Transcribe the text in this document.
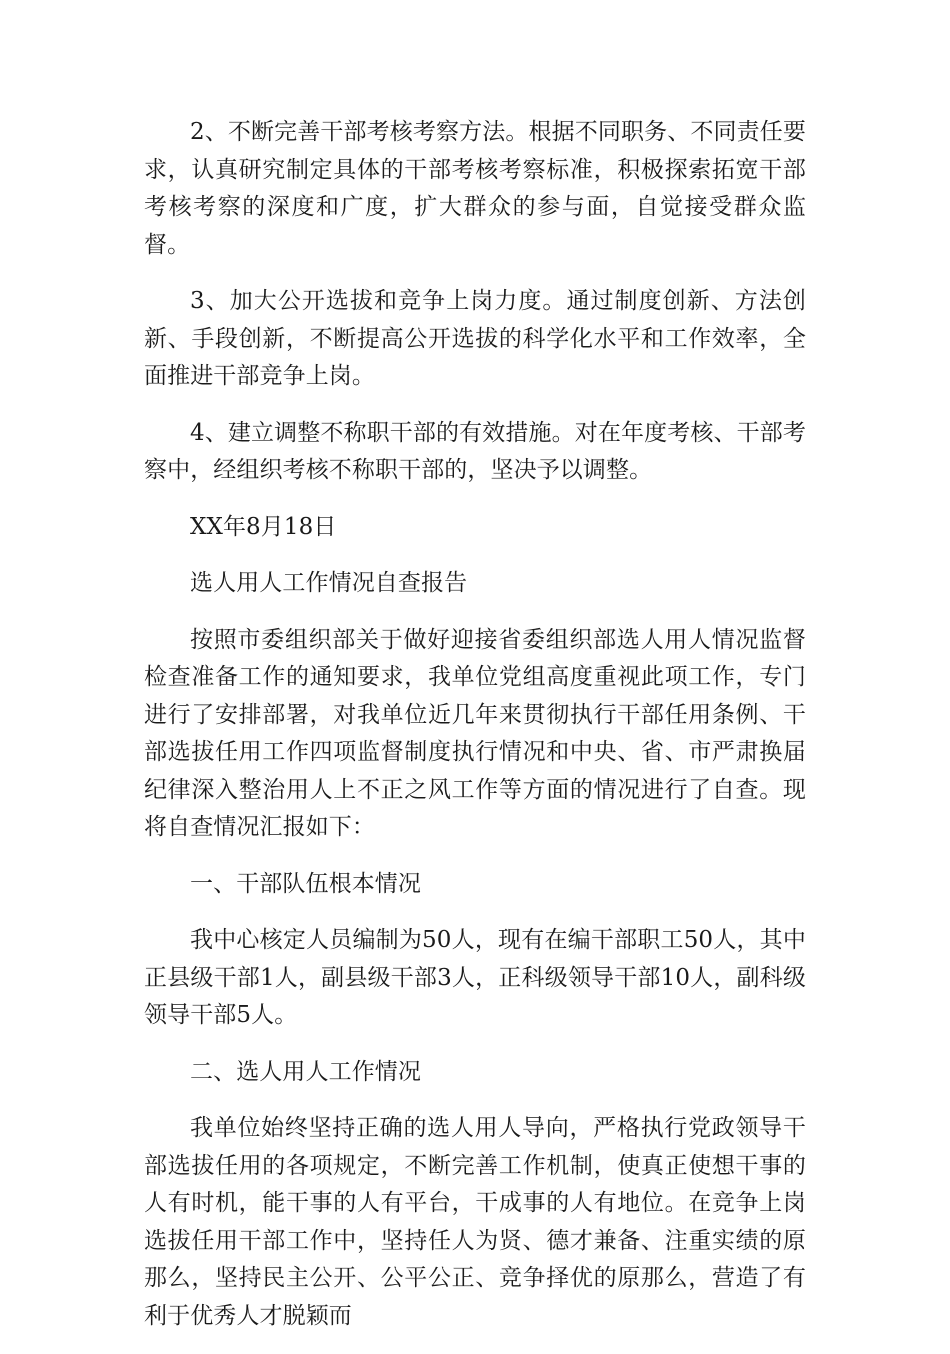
2、不断完善干部考核考察方法。根据不同职务、不同责任要求，认真研究制定具体的干部考核考察标准，积极探索拓宽干部考核考察的深度和广度，扩大群众的参与面，自觉接受群众监督。

3、加大公开选拔和竞争上岗力度。通过制度创新、方法创新、手段创新，不断提高公开选拔的科学化水平和工作效率，全面推进干部竞争上岗。

4、建立调整不称职干部的有效措施。对在年度考核、干部考察中，经组织考核不称职干部的，坚决予以调整。

XX年8月18日

选人用人工作情况自查报告

按照市委组织部关于做好迎接省委组织部选人用人情况监督检查准备工作的通知要求，我单位党组高度重视此项工作，专门进行了安排部署，对我单位近几年来贯彻执行干部任用条例、干部选拔任用工作四项监督制度执行情况和中央、省、市严肃换届纪律深入整治用人上不正之风工作等方面的情况进行了自查。现将自查情况汇报如下：

一、干部队伍根本情况

我中心核定人员编制为50人，现有在编干部职工50人，其中正县级干部1人，副县级干部3人，正科级领导干部10人，副科级领导干部5人。

二、选人用人工作情况

我单位始终坚持正确的选人用人导向，严格执行党政领导干部选拔任用的各项规定，不断完善工作机制，使真正使想干事的人有时机，能干事的人有平台，干成事的人有地位。在竞争上岗选拔任用干部工作中，坚持任人为贤、德才兼备、注重实绩的原那么，坚持民主公开、公平公正、竞争择优的原那么，营造了有利于优秀人才脱颖而
